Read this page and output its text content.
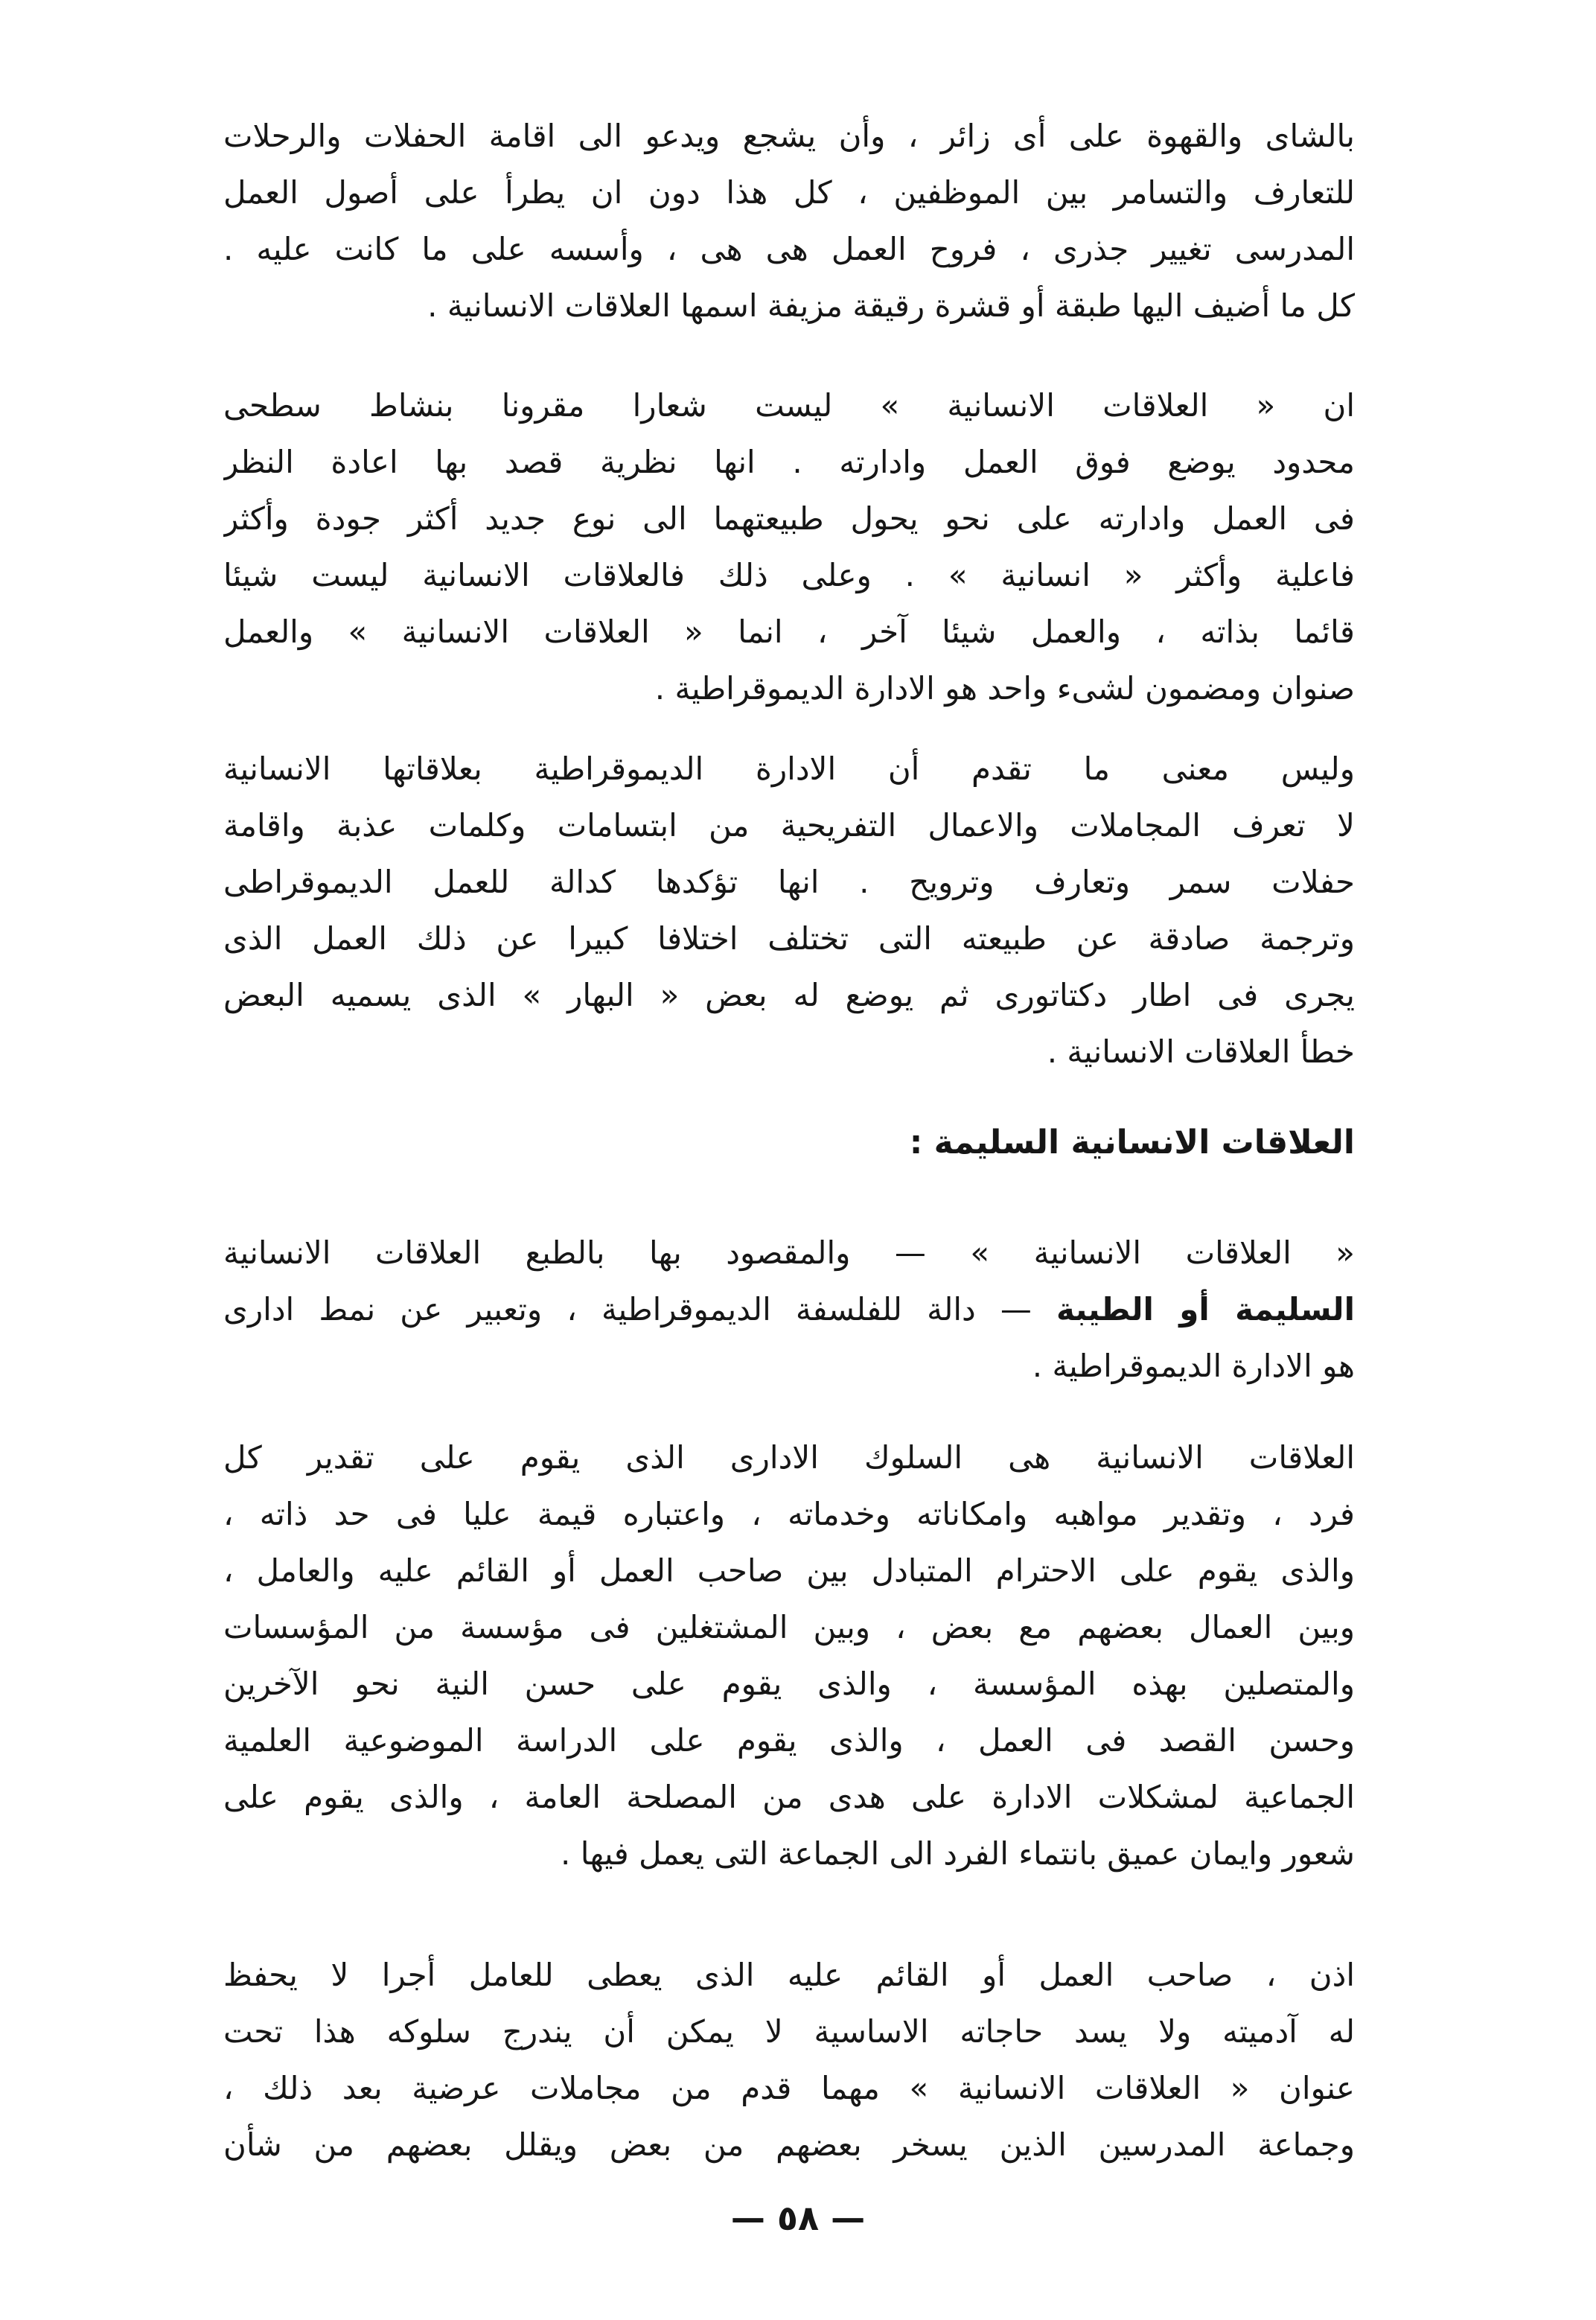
بالشاى والقهوة على أى زائر ، وأن يشجع ويدعو الى اقامة الحفلات والرحلات
للتعارف والتسامر بين الموظفين ، كل هذا دون ان يطرأ على أصول العمل
المدرسى تغيير جذرى ، فروح العمل هى هى ، وأسسه على ما كانت عليه .
كل ما أضيف اليها طبقة أو قشرة رقيقة مزيفة اسمها العلاقات الانسانية .
ان « العلاقات الانسانية » ليست شعارا مقرونا بنشاط سطحى
محدود يوضع فوق العمل وادارته . انها نظرية قصد بها اعادة النظر
فى العمل وادارته على نحو يحول طبيعتهما الى نوع جديد أكثر جودة وأكثر
فاعلية وأكثر « انسانية » . وعلى ذلك فالعلاقات الانسانية ليست شيئا
قائما بذاته ، والعمل شيئا آخر ، انما « العلاقات الانسانية » والعمل
صنوان ومضمون لشىء واحد هو الادارة الديموقراطية .
وليس معنى ما تقدم أن الادارة الديموقراطية بعلاقاتها الانسانية
لا تعرف المجاملات والاعمال التفريحية من ابتسامات وكلمات عذبة واقامة
حفلات سمر وتعارف وترويح . انها تؤكدها كدالة للعمل الديموقراطى
وترجمة صادقة عن طبيعته التى تختلف اختلافا كبيرا عن ذلك العمل الذى
يجرى فى اطار دكتاتورى ثم يوضع له بعض « البهار » الذى يسميه البعض
خطأ العلاقات الانسانية .
العلاقات الانسانية السليمة :
« العلاقات الانسانية » — والمقصود بها بالطبع العلاقات الانسانية
السليمة أو الطيبة — دالة للفلسفة الديموقراطية ، وتعبير عن نمط ادارى
هو الادارة الديموقراطية .
العلاقات الانسانية هى السلوك الادارى الذى يقوم على تقدير كل
فرد ، وتقدير مواهبه وامكاناته وخدماته ، واعتباره قيمة عليا فى حد ذاته ،
والذى يقوم على الاحترام المتبادل بين صاحب العمل أو القائم عليه والعامل ،
وبين العمال بعضهم مع بعض ، وبين المشتغلين فى مؤسسة من المؤسسات
والمتصلين بهذه المؤسسة ، والذى يقوم على حسن النية نحو الآخرين
وحسن القصد فى العمل ، والذى يقوم على الدراسة الموضوعية العلمية
الجماعية لمشكلات الادارة على هدى من المصلحة العامة ، والذى يقوم على
شعور وايمان عميق بانتماء الفرد الى الجماعة التى يعمل فيها .
اذن ، صاحب العمل أو القائم عليه الذى يعطى للعامل أجرا لا يحفظ
له آدميته ولا يسد حاجاته الاساسية لا يمكن أن يندرج سلوكه هذا تحت
عنوان « العلاقات الانسانية » مهما قدم من مجاملات عرضية بعد ذلك ،
وجماعة المدرسين الذين يسخر بعضهم من بعض ويقلل بعضهم من شأن
— ٥٨ —
